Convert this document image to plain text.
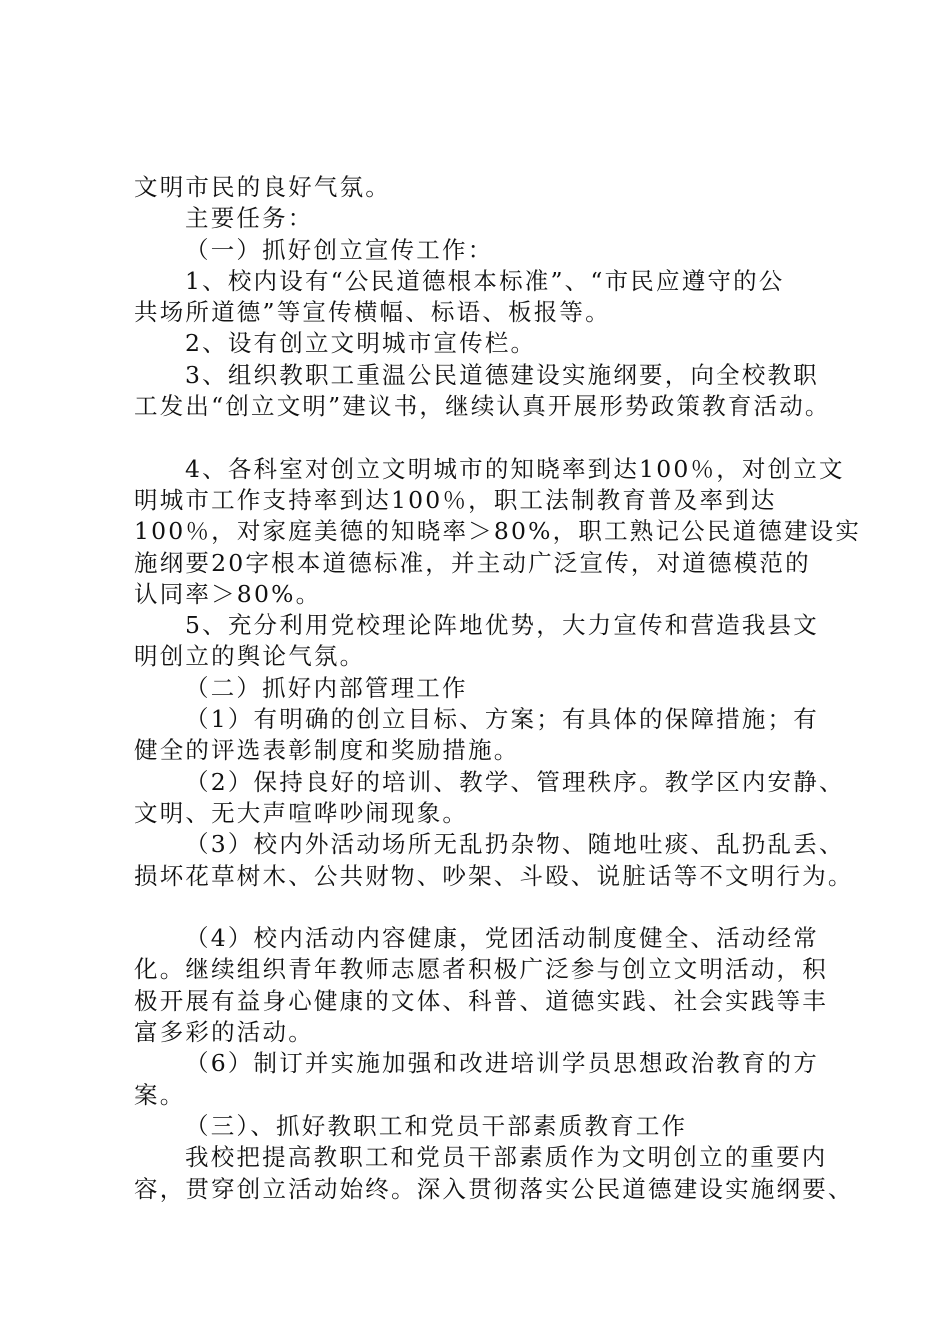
文明市民的良好气氛。
主要任务：
（一）抓好创立宣传工作：
1、校内设有“公民道德根本标准”、“市民应遵守的公
共场所道德”等宣传横幅、标语、板报等。
2、设有创立文明城市宣传栏。
3、组织教职工重温公民道德建设实施纲要，向全校教职
工发出“创立文明”建议书，继续认真开展形势政策教育活动。
4、各科室对创立文明城市的知晓率到达100％，对创立文
明城市工作支持率到达100％，职工法制教育普及率到达
100％，对家庭美德的知晓率＞80%，职工熟记公民道德建设实
施纲要20字根本道德标准，并主动广泛宣传，对道德模范的
认同率＞80%。
5、充分利用党校理论阵地优势，大力宣传和营造我县文
明创立的舆论气氛。
（二）抓好内部管理工作
（1）有明确的创立目标、方案；有具体的保障措施；有
健全的评选表彰制度和奖励措施。
（2）保持良好的培训、教学、管理秩序。教学区内安静、
文明、无大声喧哗吵闹现象。
（3）校内外活动场所无乱扔杂物、随地吐痰、乱扔乱丢、
损坏花草树木、公共财物、吵架、斗殴、说脏话等不文明行为。
（4）校内活动内容健康，党团活动制度健全、活动经常
化。继续组织青年教师志愿者积极广泛参与创立文明活动，积
极开展有益身心健康的文体、科普、道德实践、社会实践等丰
富多彩的活动。
（6）制订并实施加强和改进培训学员思想政治教育的方
案。
（三）、抓好教职工和党员干部素质教育工作
我校把提高教职工和党员干部素质作为文明创立的重要内
容，贯穿创立活动始终。深入贯彻落实公民道德建设实施纲要、
